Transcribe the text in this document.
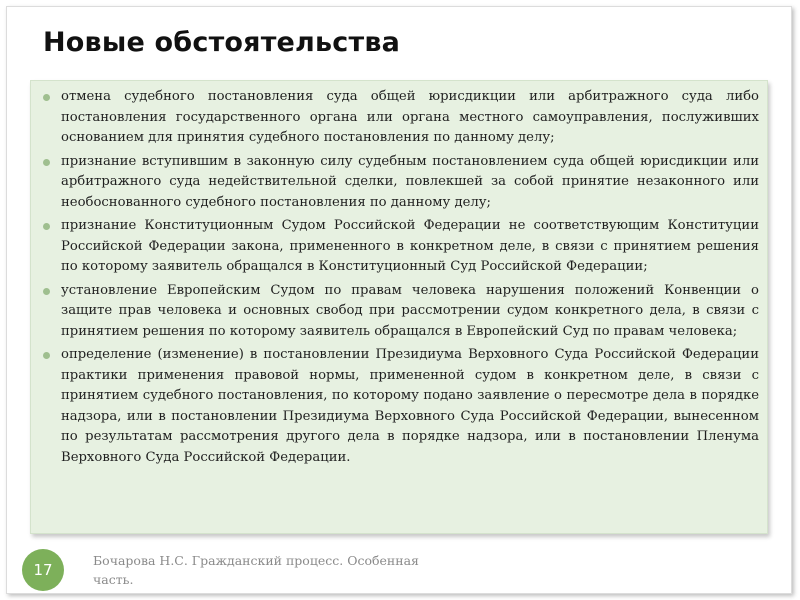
Новые обстоятельства
отмена судебного постановления суда общей юрисдикции или арбитражного суда либо постановления государственного органа или органа местного самоуправления, послуживших основанием для принятия судебного постановления по данному делу;
признание вступившим в законную силу судебным постановлением суда общей юрисдикции или арбитражного суда недействительной сделки, повлекшей за собой принятие незаконного или необоснованного судебного постановления по данному делу;
признание Конституционным Судом Российской Федерации не соответствующим Конституции Российской Федерации закона, примененного в конкретном деле, в связи с принятием решения по которому заявитель обращался в Конституционный Суд Российской Федерации;
установление Европейским Судом по правам человека нарушения положений Конвенции о защите прав человека и основных свобод при рассмотрении судом конкретного дела, в связи с принятием решения по которому заявитель обращался в Европейский Суд по правам человека;
определение (изменение) в постановлении Президиума Верховного Суда Российской Федерации практики применения правовой нормы, примененной судом в конкретном деле, в связи с принятием судебного постановления, по которому подано заявление о пересмотре дела в порядке надзора, или в постановлении Президиума Верховного Суда Российской Федерации, вынесенном по результатам рассмотрения другого дела в порядке надзора, или в постановлении Пленума Верховного Суда Российской Федерации.
17
Бочарова Н.С. Гражданский процесс. Особенная часть.
